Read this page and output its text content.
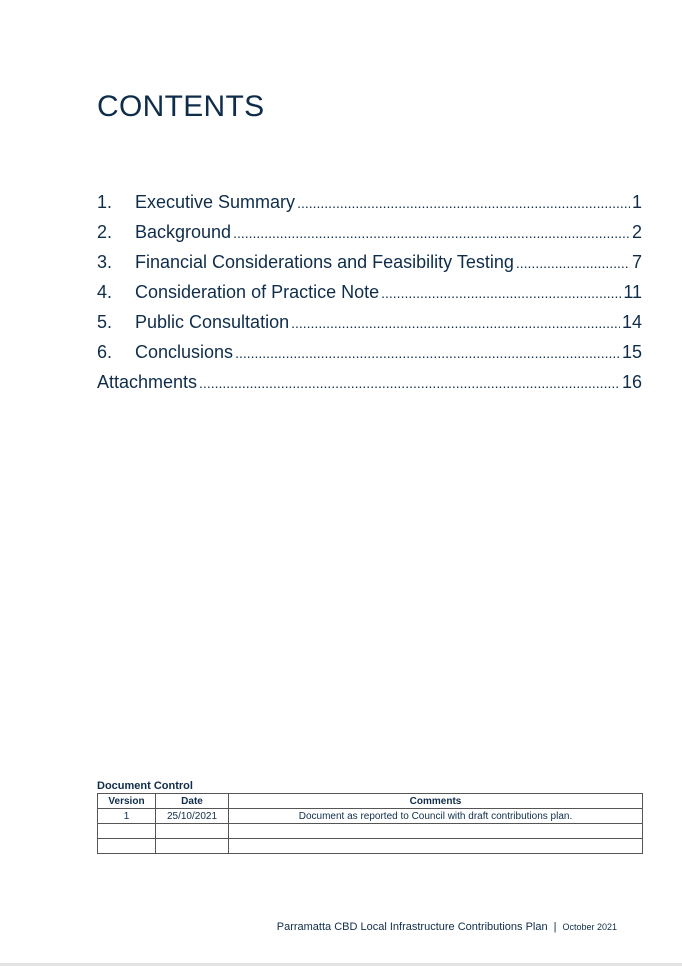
CONTENTS
1.	Executive Summary .....	1
2.	Background .....	2
3.	Financial Considerations and Feasibility Testing .....	7
4.	Consideration of Practice Note .....	11
5.	Public Consultation .....	14
6.	Conclusions .....	15
Attachments .....	16
Document Control
Version	Date	Comments
1	25/10/2021	Document as reported to Council with draft contributions plan.

Parramatta CBD Local Infrastructure Contributions Plan | October 2021
